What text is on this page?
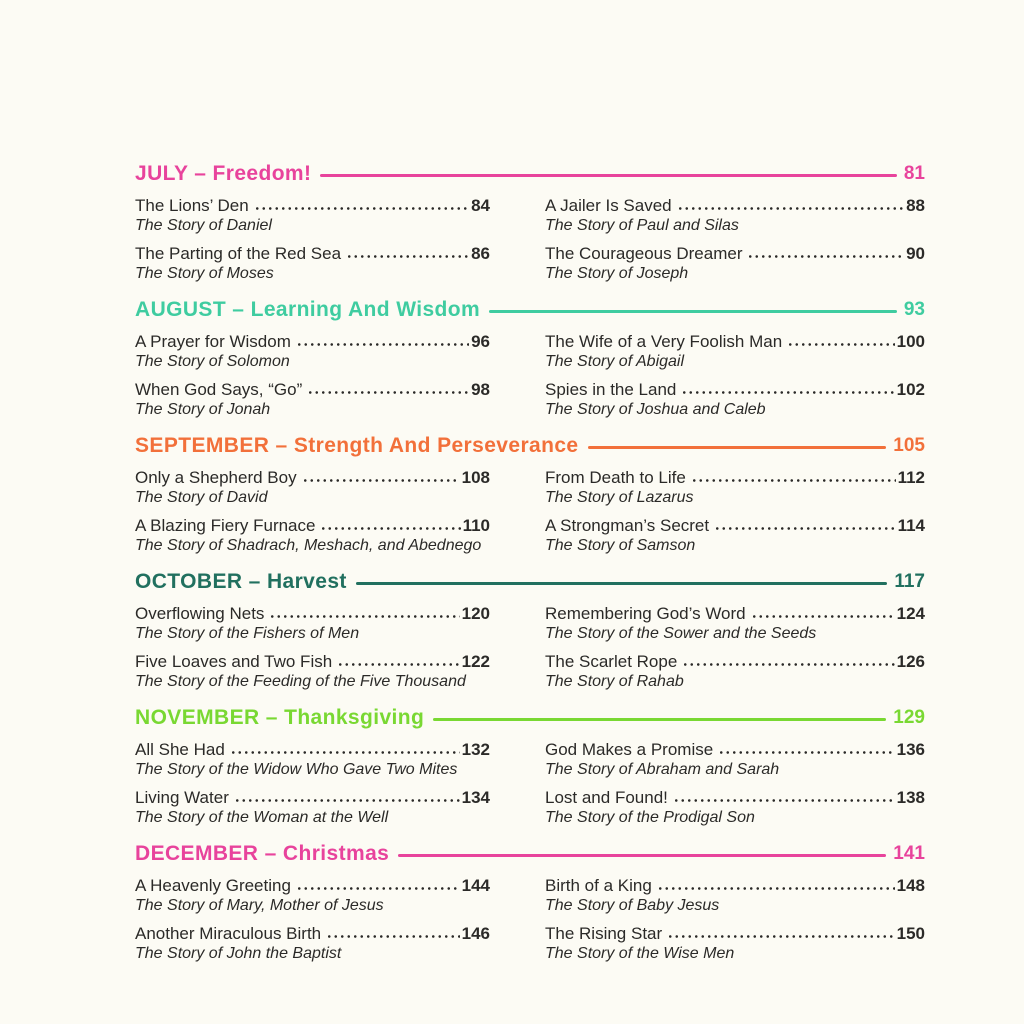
JULY – Freedom!	81
The Lions’ Den	84
The Story of Daniel
A Jailer Is Saved	88
The Story of Paul and Silas
The Parting of the Red Sea	86
The Story of Moses
The Courageous Dreamer	90
The Story of Joseph
AUGUST – Learning And Wisdom	93
A Prayer for Wisdom	96
The Story of Solomon
The Wife of a Very Foolish Man	100
The Story of Abigail
When God Says, “Go”	98
The Story of Jonah
Spies in the Land	102
The Story of Joshua and Caleb
SEPTEMBER – Strength And Perseverance	105
Only a Shepherd Boy	108
The Story of David
From Death to Life	112
The Story of Lazarus
A Blazing Fiery Furnace	110
The Story of Shadrach, Meshach, and Abednego
A Strongman’s Secret	114
The Story of Samson
OCTOBER – Harvest	117
Overflowing Nets	120
The Story of the Fishers of Men
Remembering God’s Word	124
The Story of the Sower and the Seeds
Five Loaves and Two Fish	122
The Story of the Feeding of the Five Thousand
The Scarlet Rope	126
The Story of Rahab
NOVEMBER – Thanksgiving	129
All She Had	132
The Story of the Widow Who Gave Two Mites
God Makes a Promise	136
The Story of Abraham and Sarah
Living Water	134
The Story of the Woman at the Well
Lost and Found!	138
The Story of the Prodigal Son
DECEMBER – Christmas	141
A Heavenly Greeting	144
The Story of Mary, Mother of Jesus
Birth of a King	148
The Story of Baby Jesus
Another Miraculous Birth	146
The Story of John the Baptist
The Rising Star	150
The Story of the Wise Men
